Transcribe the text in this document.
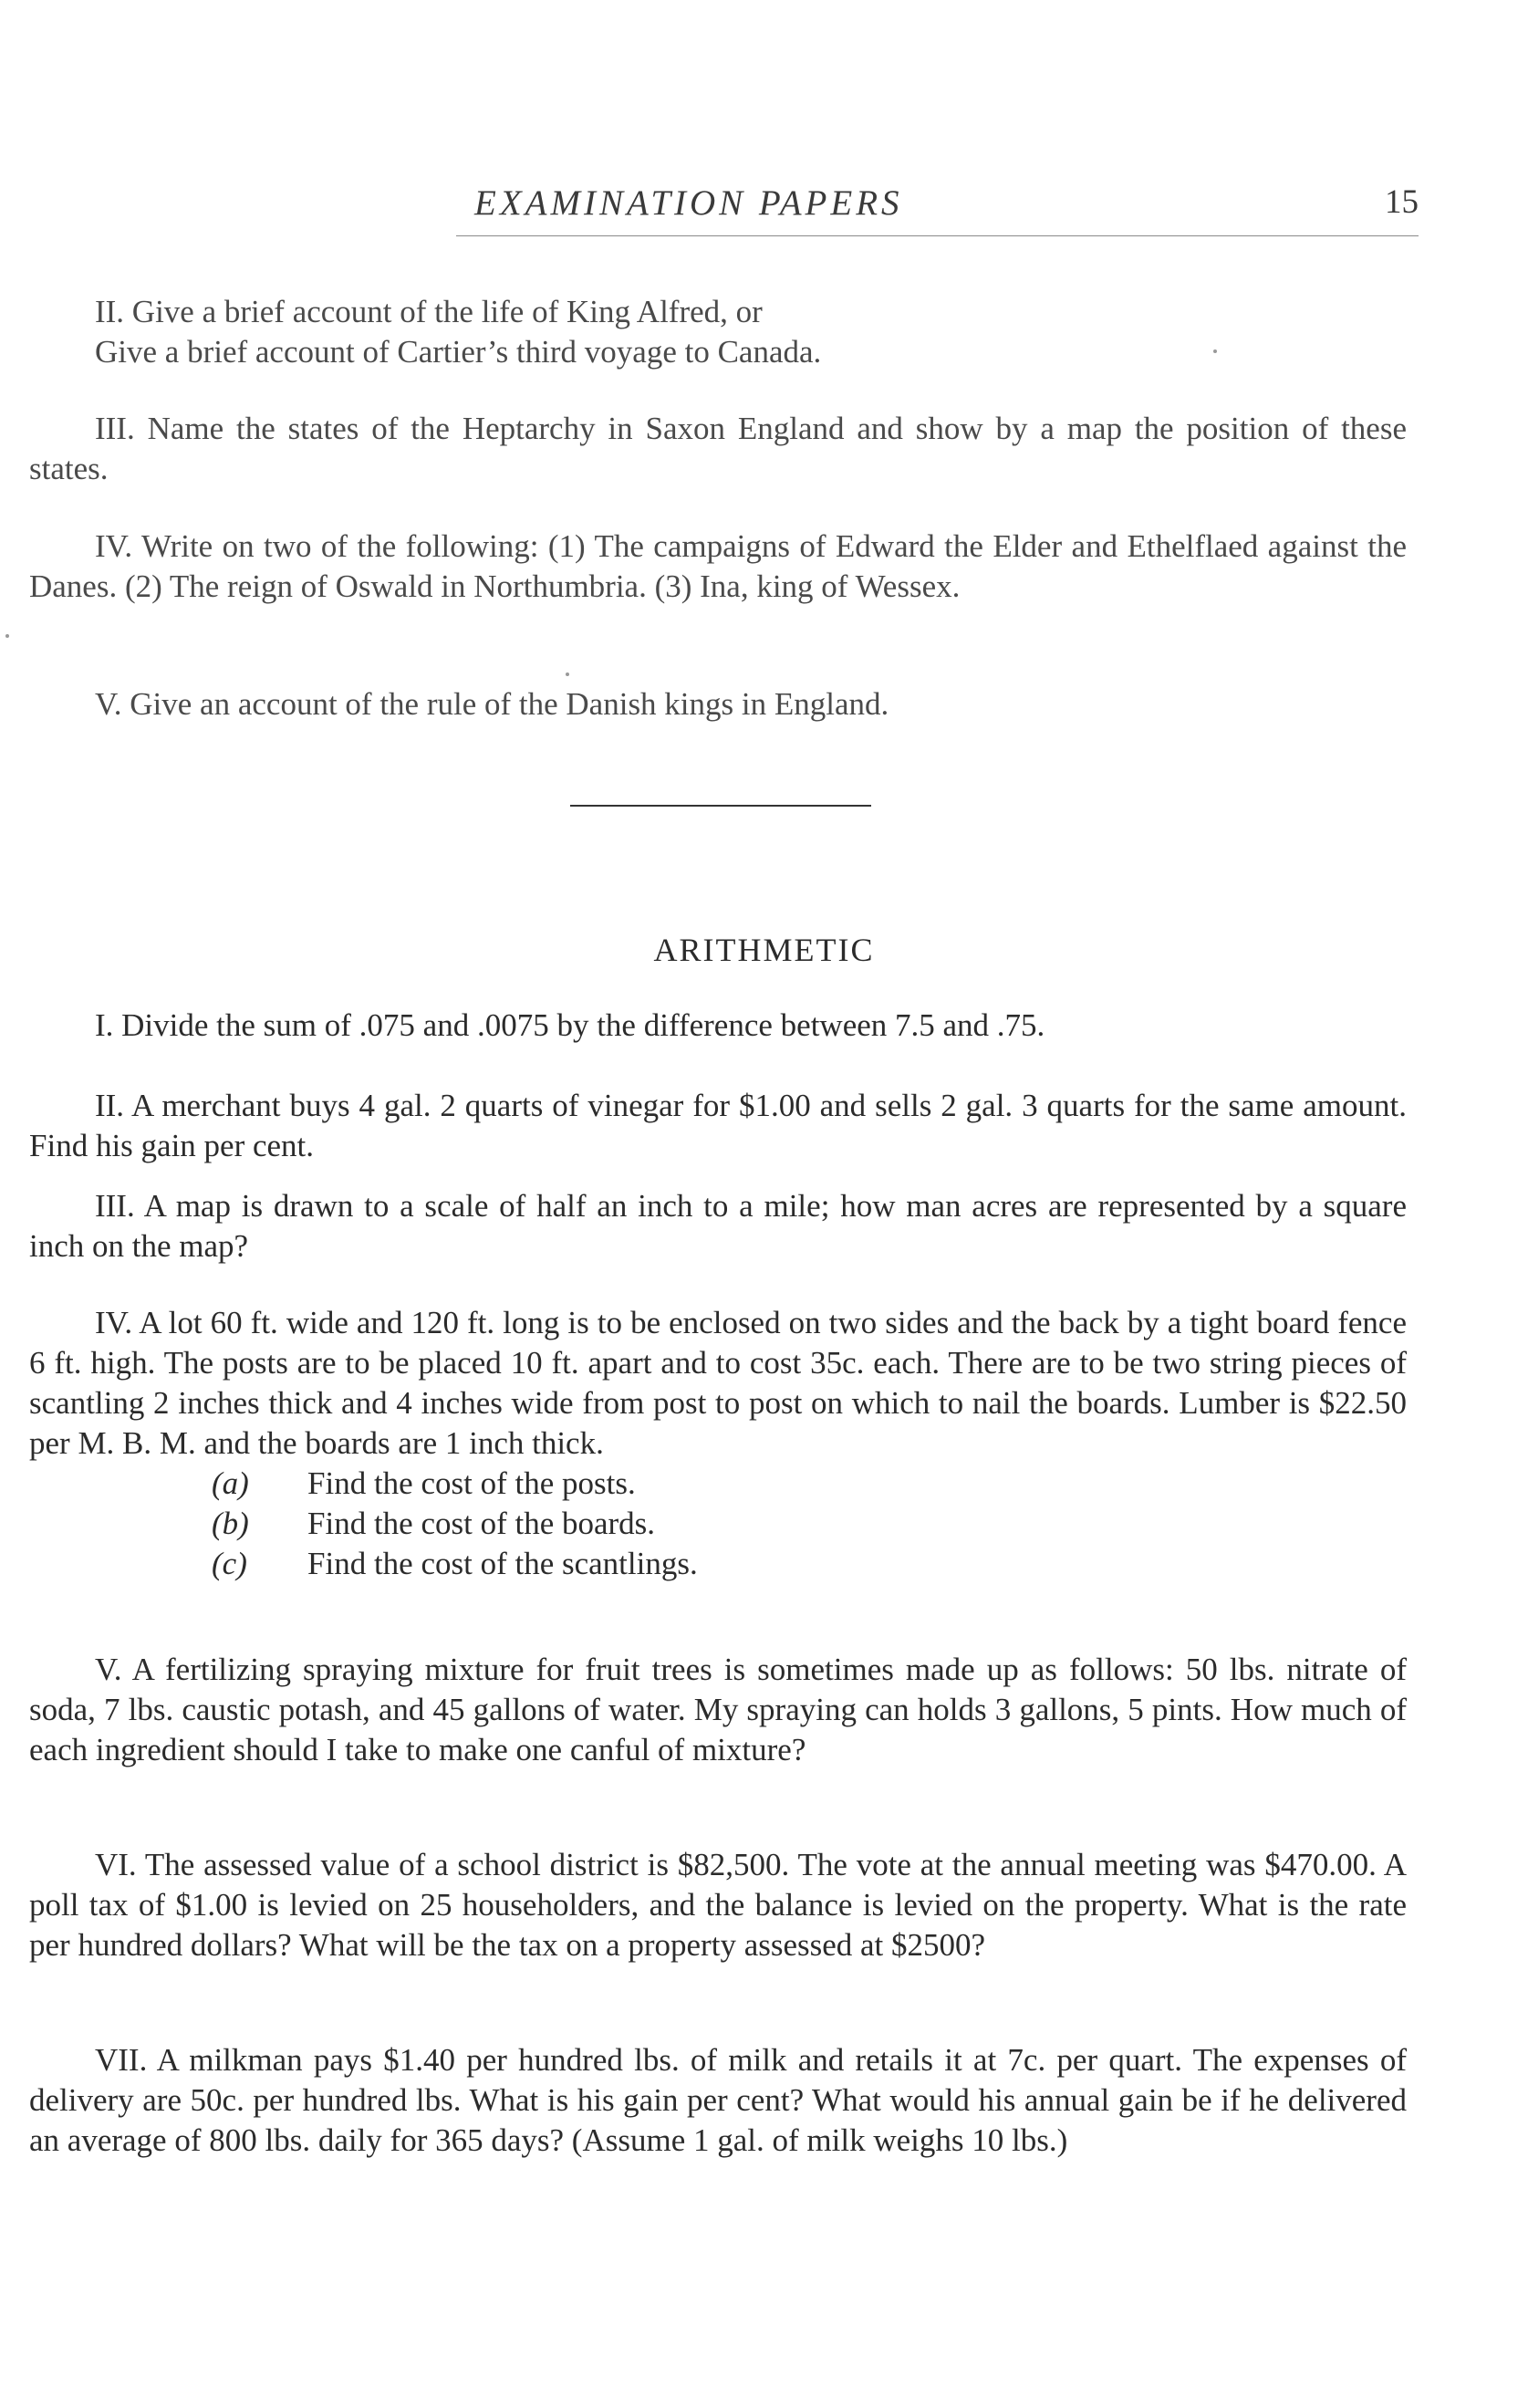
EXAMINATION PAPERS	15

II. Give a brief account of the life of King Alfred, or

Give a brief account of Cartier’s third voyage to Canada.

III. Name the states of the Heptarchy in Saxon England and show by a map the position of these states.

IV. Write on two of the following: (1) The campaigns of Edward the Elder and Ethelflaed against the Danes. (2) The reign of Oswald in Northumbria. (3) Ina, king of Wessex.

V. Give an account of the rule of the Danish kings in England.

ARITHMETIC

I. Divide the sum of .075 and .0075 by the difference between 7.5 and .75.

II. A merchant buys 4 gal. 2 quarts of vinegar for $1.00 and sells 2 gal. 3 quarts for the same amount. Find his gain per cent.

III. A map is drawn to a scale of half an inch to a mile; how man acres are represented by a square inch on the map?

IV. A lot 60 ft. wide and 120 ft. long is to be enclosed on two sides and the back by a tight board fence 6 ft. high. The posts are to be placed 10 ft. apart and to cost 35c. each. There are to be two string pieces of scantling 2 inches thick and 4 inches wide from post to post on which to nail the boards. Lumber is $22.50 per M. B. M. and the boards are 1 inch thick.

(a)	Find the cost of the posts.
(b)	Find the cost of the boards.
(c)	Find the cost of the scantlings.

V. A fertilizing spraying mixture for fruit trees is sometimes made up as follows: 50 lbs. nitrate of soda, 7 lbs. caustic potash, and 45 gallons of water. My spraying can holds 3 gallons, 5 pints. How much of each ingredient should I take to make one canful of mixture?

VI. The assessed value of a school district is $82,500. The vote at the annual meeting was $470.00. A poll tax of $1.00 is levied on 25 householders, and the balance is levied on the property. What is the rate per hundred dollars? What will be the tax on a property assessed at $2500?

VII. A milkman pays $1.40 per hundred lbs. of milk and retails it at 7c. per quart. The expenses of delivery are 50c. per hundred lbs. What is his gain per cent? What would his annual gain be if he delivered an average of 800 lbs. daily for 365 days? (Assume 1 gal. of milk weighs 10 lbs.)
